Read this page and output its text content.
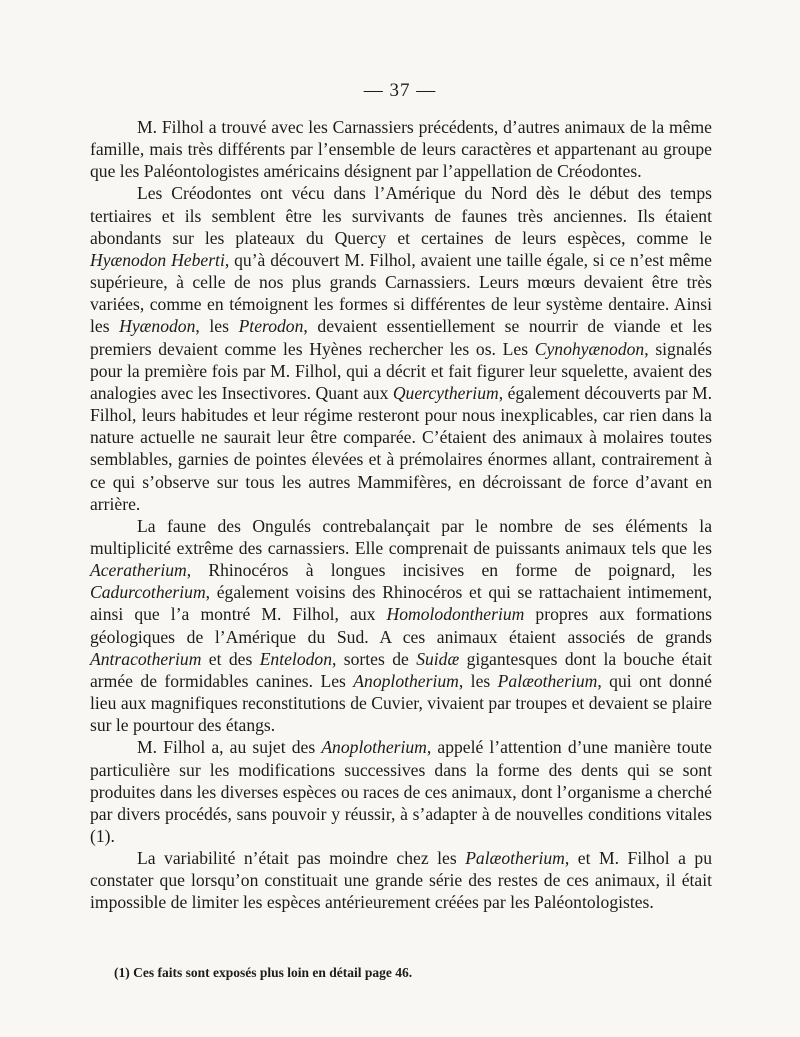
— 37 —

M. Filhol a trouvé avec les Carnassiers précédents, d’autres animaux de la même famille, mais très différents par l’ensemble de leurs caractères et appartenant au groupe que les Paléontologistes américains désignent par l’appellation de Créodontes.

Les Créodontes ont vécu dans l’Amérique du Nord dès le début des temps tertiaires et ils semblent être les survivants de faunes très anciennes. Ils étaient abondants sur les plateaux du Quercy et certaines de leurs espèces, comme le Hyænodon Heberti, qu’à découvert M. Filhol, avaient une taille égale, si ce n’est même supérieure, à celle de nos plus grands Carnassiers. Leurs mœurs devaient être très variées, comme en témoignent les formes si différentes de leur système dentaire. Ainsi les Hyænodon, les Pterodon, devaient essentiellement se nourrir de viande et les premiers devaient comme les Hyènes rechercher les os. Les Cynohyænodon, signalés pour la première fois par M. Filhol, qui a décrit et fait figurer leur squelette, avaient des analogies avec les Insectivores. Quant aux Quercytherium, également découverts par M. Filhol, leurs habitudes et leur régime resteront pour nous inexplicables, car rien dans la nature actuelle ne saurait leur être comparée. C’étaient des animaux à molaires toutes semblables, garnies de pointes élevées et à prémolaires énormes allant, contrairement à ce qui s’observe sur tous les autres Mammifères, en décroissant de force d’avant en arrière.

La faune des Ongulés contrebalançait par le nombre de ses éléments la multiplicité extrême des carnassiers. Elle comprenait de puissants animaux tels que les Aceratherium, Rhinocéros à longues incisives en forme de poignard, les Cadurcotherium, également voisins des Rhinocéros et qui se rattachaient intimement, ainsi que l’a montré M. Filhol, aux Homolodontherium propres aux formations géologiques de l’Amérique du Sud. A ces animaux étaient associés de grands Antracotherium et des Entelodon, sortes de Suidæ gigantesques dont la bouche était armée de formidables canines. Les Anoplotherium, les Palæotherium, qui ont donné lieu aux magnifiques reconstitutions de Cuvier, vivaient par troupes et devaient se plaire sur le pourtour des étangs.

M. Filhol a, au sujet des Anoplotherium, appelé l’attention d’une manière toute particulière sur les modifications successives dans la forme des dents qui se sont produites dans les diverses espèces ou races de ces animaux, dont l’organisme a cherché par divers procédés, sans pouvoir y réussir, à s’adapter à de nouvelles conditions vitales (1).

La variabilité n’était pas moindre chez les Palæotherium, et M. Filhol a pu constater que lorsqu’on constituait une grande série des restes de ces animaux, il était impossible de limiter les espèces antérieurement créées par les Paléontologistes.

(1) Ces faits sont exposés plus loin en détail page 46.
